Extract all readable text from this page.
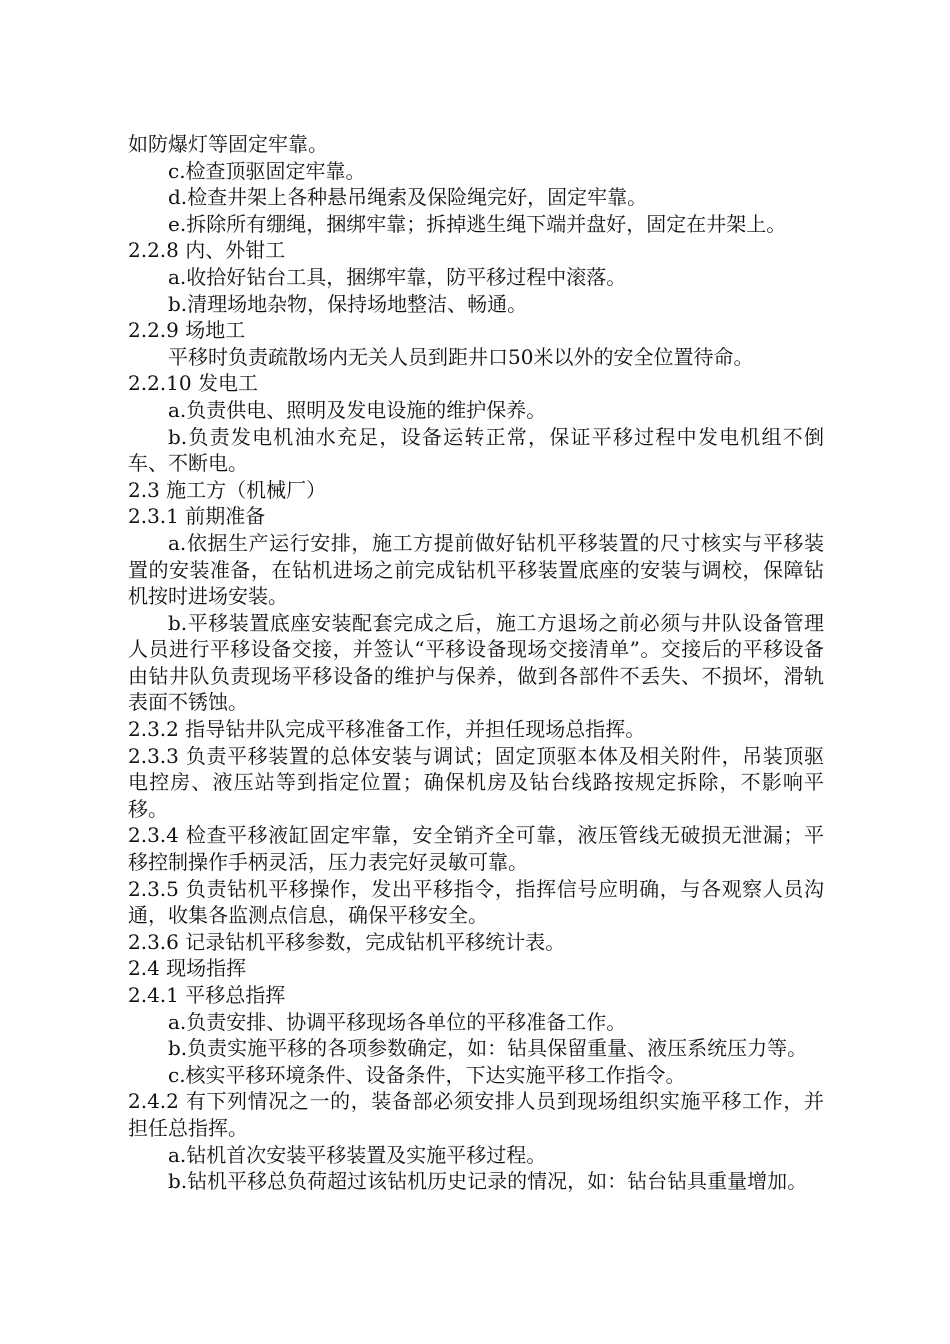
如防爆灯等固定牢靠。

c.检查顶驱固定牢靠。

d.检查井架上各种悬吊绳索及保险绳完好，固定牢靠。

e.拆除所有绷绳，捆绑牢靠；拆掉逃生绳下端并盘好，固定在井架上。

2.2.8 内、外钳工

a.收拾好钻台工具，捆绑牢靠，防平移过程中滚落。

b.清理场地杂物，保持场地整洁、畅通。

2.2.9 场地工

平移时负责疏散场内无关人员到距井口50米以外的安全位置待命。

2.2.10 发电工

a.负责供电、照明及发电设施的维护保养。

b.负责发电机油水充足，设备运转正常，保证平移过程中发电机组不倒车、不断电。

2.3 施工方（机械厂）

2.3.1 前期准备

a.依据生产运行安排，施工方提前做好钻机平移装置的尺寸核实与平移装置的安装准备，在钻机进场之前完成钻机平移装置底座的安装与调校，保障钻机按时进场安装。

b.平移装置底座安装配套完成之后，施工方退场之前必须与井队设备管理人员进行平移设备交接，并签认“平移设备现场交接清单”。交接后的平移设备由钻井队负责现场平移设备的维护与保养，做到各部件不丢失、不损坏，滑轨表面不锈蚀。

2.3.2 指导钻井队完成平移准备工作，并担任现场总指挥。

2.3.3 负责平移装置的总体安装与调试；固定顶驱本体及相关附件，吊装顶驱电控房、液压站等到指定位置；确保机房及钻台线路按规定拆除，不影响平移。

2.3.4 检查平移液缸固定牢靠，安全销齐全可靠，液压管线无破损无泄漏；平移控制操作手柄灵活，压力表完好灵敏可靠。

2.3.5 负责钻机平移操作，发出平移指令，指挥信号应明确，与各观察人员沟通，收集各监测点信息，确保平移安全。

2.3.6 记录钻机平移参数，完成钻机平移统计表。

2.4 现场指挥

2.4.1 平移总指挥

a.负责安排、协调平移现场各单位的平移准备工作。

b.负责实施平移的各项参数确定，如：钻具保留重量、液压系统压力等。

c.核实平移环境条件、设备条件，下达实施平移工作指令。

2.4.2 有下列情况之一的，装备部必须安排人员到现场组织实施平移工作，并担任总指挥。

a.钻机首次安装平移装置及实施平移过程。

b.钻机平移总负荷超过该钻机历史记录的情况，如：钻台钻具重量增加。
